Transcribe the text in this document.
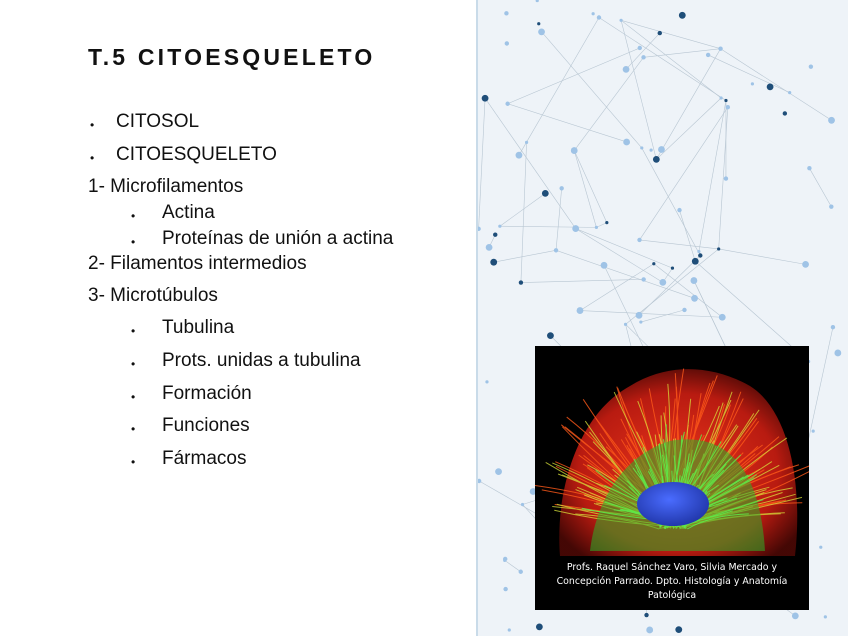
T.5 CITOESQUELETO
• CITOSOL
• CITOESQUELETO
1- Microfilamentos
• Actina
• Proteínas de unión a actina
2- Filamentos intermedios
3- Microtúbulos
• Tubulina
• Prots. unidas a tubulina
• Formación
• Funciones
• Fármacos
Profs. Raquel Sánchez Varo, Silvia Mercado y
Concepción Parrado. Dpto. Histología y Anatomía
Patológica
